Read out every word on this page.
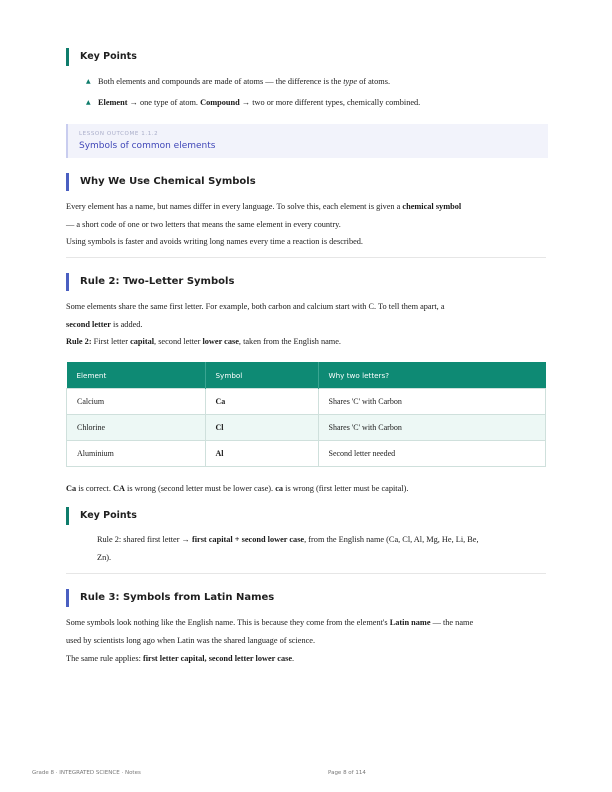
Key Points
▲ Both elements and compounds are made of atoms — the difference is the type of atoms.
▲ Element → one type of atom. Compound → two or more different types, chemically combined.
LESSON OUTCOME 1.1.2
Symbols of common elements
Why We Use Chemical Symbols
Every element has a name, but names differ in every language. To solve this, each element is given a chemical symbol
— a short code of one or two letters that means the same element in every country.
Using symbols is faster and avoids writing long names every time a reaction is described.
Rule 2: Two-Letter Symbols
Some elements share the same first letter. For example, both carbon and calcium start with C. To tell them apart, a
second letter is added.
Rule 2: First letter capital, second letter lower case, taken from the English name.
Element	Symbol	Why two letters?
Calcium	Ca	Shares 'C' with Carbon
Chlorine	Cl	Shares 'C' with Carbon
Aluminium	Al	Second letter needed
Ca is correct. CA is wrong (second letter must be lower case). ca is wrong (first letter must be capital).
Key Points
Rule 2: shared first letter → first capital + second lower case, from the English name (Ca, Cl, Al, Mg, He, Li, Be,
Zn).
Rule 3: Symbols from Latin Names
Some symbols look nothing like the English name. This is because they come from the element's Latin name — the name
used by scientists long ago when Latin was the shared language of science.
The same rule applies: first letter capital, second letter lower case.
Grade 8 · INTEGRATED SCIENCE · Notes	Page 8 of 114
